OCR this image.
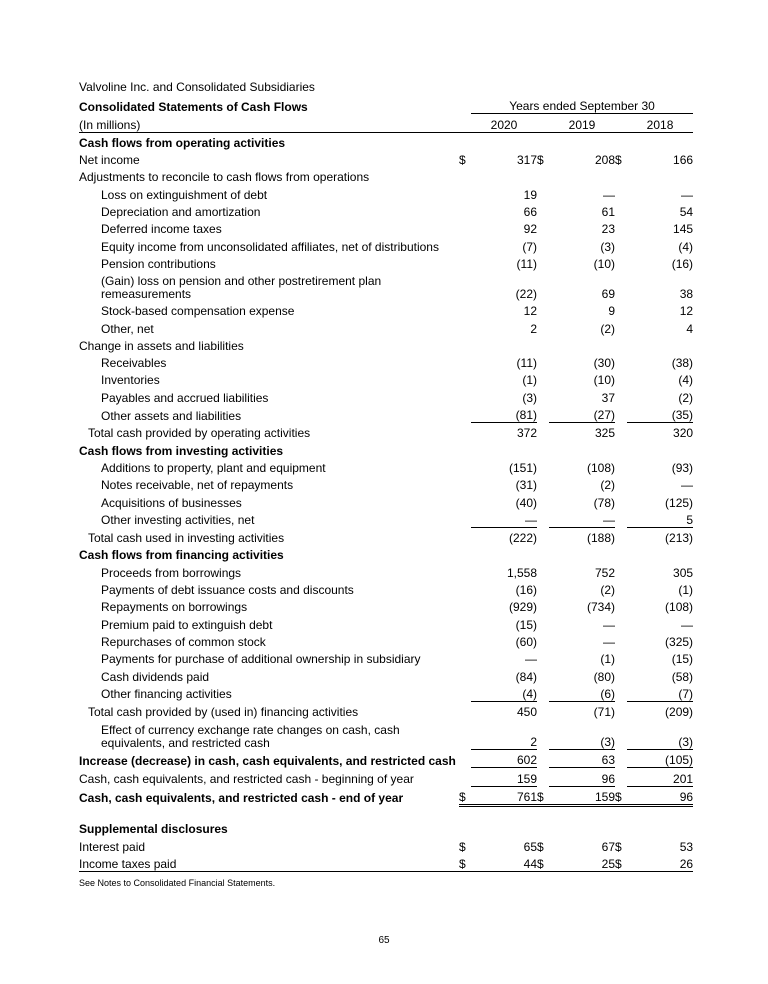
Valvoline Inc. and Consolidated Subsidiaries
Consolidated Statements of Cash Flows		Years ended September 30				
(In millions)		2020		2019		2018
Cash flows from operating activities						
Net income	$	317	$	208	$	166
Adjustments to reconcile to cash flows from operations						
Loss on extinguishment of debt		19		—		—
Depreciation and amortization		66		61		54
Deferred income taxes		92		23		145
Equity income from unconsolidated affiliates, net of distributions		(7)		(3)		(4)
Pension contributions		(11)		(10)		(16)
(Gain) loss on pension and other postretirement plan remeasurements		(22)		69		38
Stock-based compensation expense		12		9		12
Other, net		2		(2)		4
Change in assets and liabilities						
Receivables		(11)		(30)		(38)
Inventories		(1)		(10)		(4)
Payables and accrued liabilities		(3)		37		(2)
Other assets and liabilities		(81)		(27)		(35)
Total cash provided by operating activities		372		325		320
Cash flows from investing activities						
Additions to property, plant and equipment		(151)		(108)		(93)
Notes receivable, net of repayments		(31)		(2)		—
Acquisitions of businesses		(40)		(78)		(125)
Other investing activities, net		—		—		5
Total cash used in investing activities		(222)		(188)		(213)
Cash flows from financing activities						
Proceeds from borrowings		1,558		752		305
Payments of debt issuance costs and discounts		(16)		(2)		(1)
Repayments on borrowings		(929)		(734)		(108)
Premium paid to extinguish debt		(15)		—		—
Repurchases of common stock		(60)		—		(325)
Payments for purchase of additional ownership in subsidiary		—		(1)		(15)
Cash dividends paid		(84)		(80)		(58)
Other financing activities		(4)		(6)		(7)
Total cash provided by (used in) financing activities		450		(71)		(209)
Effect of currency exchange rate changes on cash, cash equivalents, and restricted cash		2		(3)		(3)
Increase (decrease) in cash, cash equivalents, and restricted cash		602		63		(105)
Cash, cash equivalents, and restricted cash - beginning of year		159		96		201
Cash, cash equivalents, and restricted cash - end of year	$	761	$	159	$	96

Supplemental disclosures						
Interest paid	$	65	$	67	$	53
Income taxes paid	$	44	$	25	$	26
See Notes to Consolidated Financial Statements.
65
